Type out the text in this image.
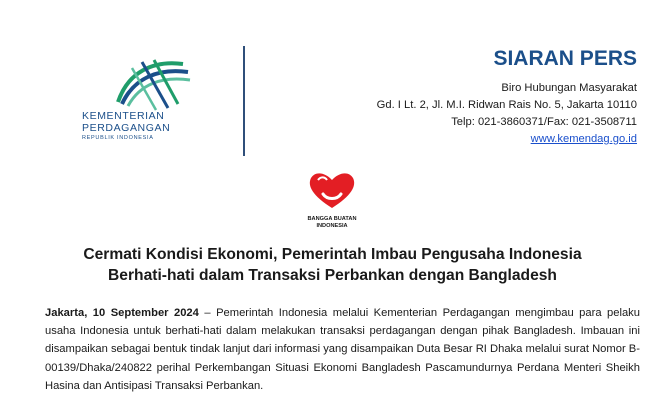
KEMENTERIAN
PERDAGANGAN
REPUBLIK INDONESIA
SIARAN PERS
Biro Hubungan Masyarakat
Gd. I Lt. 2, Jl. M.I. Ridwan Rais No. 5, Jakarta 10110
Telp: 021-3860371/Fax: 021-3508711
www.kemendag.go.id
BANGGA BUATAN
INDONESIA
Cermati Kondisi Ekonomi, Pemerintah Imbau Pengusaha Indonesia
Berhati-hati dalam Transaksi Perbankan dengan Bangladesh
Jakarta, 10 September 2024 – Pemerintah Indonesia melalui Kementerian Perdagangan mengimbau para pelaku usaha Indonesia untuk berhati-hati dalam melakukan transaksi perdagangan dengan pihak Bangladesh. Imbauan ini disampaikan sebagai bentuk tindak lanjut dari informasi yang disampaikan Duta Besar RI Dhaka melalui surat Nomor B-00139/Dhaka/240822 perihal Perkembangan Situasi Ekonomi Bangladesh Pascamundurnya Perdana Menteri Sheikh Hasina dan Antisipasi Transaksi Perbankan.
